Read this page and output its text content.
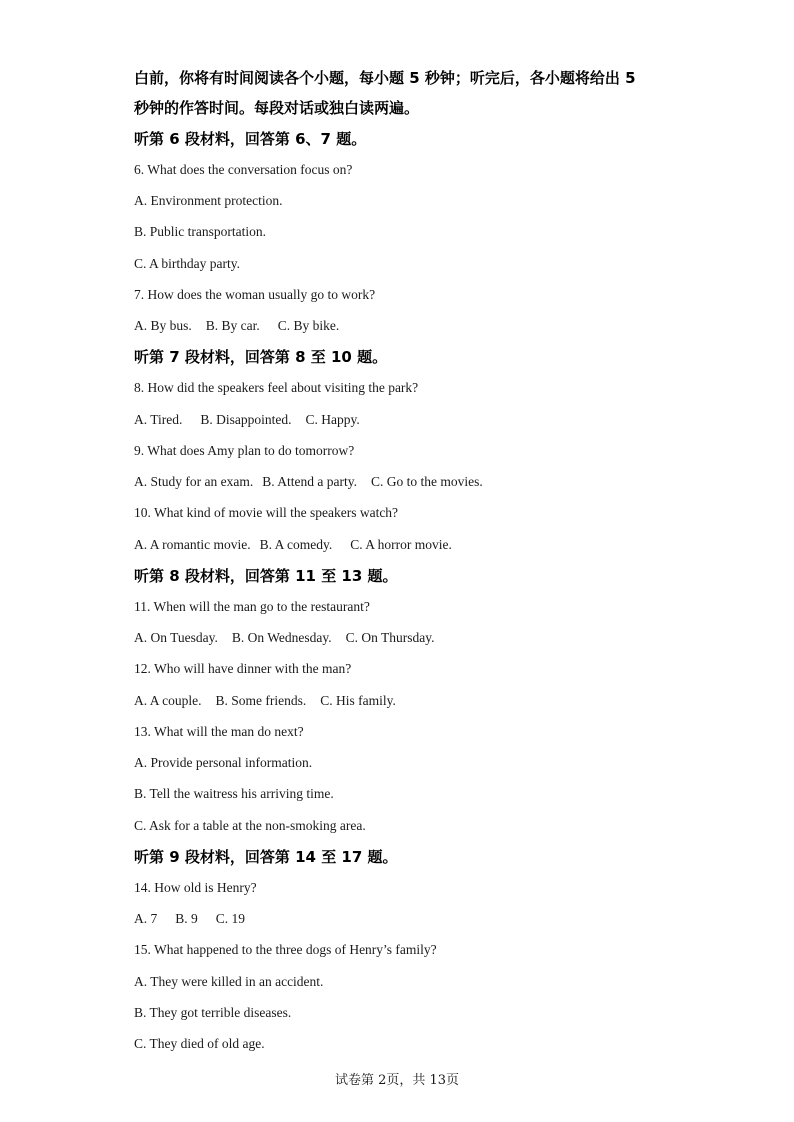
白前，你将有时间阅读各个小题，每小题 5 秒钟；听完后，各小题将给出 5
秒钟的作答时间。每段对话或独白读两遍。
听第 6 段材料，回答第 6、7 题。
6. What does the conversation focus on?
A. Environment protection.
B. Public transportation.
C. A birthday party.
7. How does the woman usually go to work?
A. By bus. B. By car. C. By bike.
听第 7 段材料，回答第 8 至 10 题。
8. How did the speakers feel about visiting the park?
A. Tired. B. Disappointed. C. Happy.
9. What does Amy plan to do tomorrow?
A. Study for an exam. B. Attend a party. C. Go to the movies.
10. What kind of movie will the speakers watch?
A. A romantic movie. B. A comedy. C. A horror movie.
听第 8 段材料，回答第 11 至 13 题。
11. When will the man go to the restaurant?
A. On Tuesday. B. On Wednesday. C. On Thursday.
12. Who will have dinner with the man?
A. A couple. B. Some friends. C. His family.
13. What will the man do next?
A. Provide personal information.
B. Tell the waitress his arriving time.
C. Ask for a table at the non-smoking area.
听第 9 段材料，回答第 14 至 17 题。
14. How old is Henry?
A. 7 B. 9 C. 19
15. What happened to the three dogs of Henry’s family?
A. They were killed in an accident.
B. They got terrible diseases.
C. They died of old age.
试卷第 2页，共 13页
